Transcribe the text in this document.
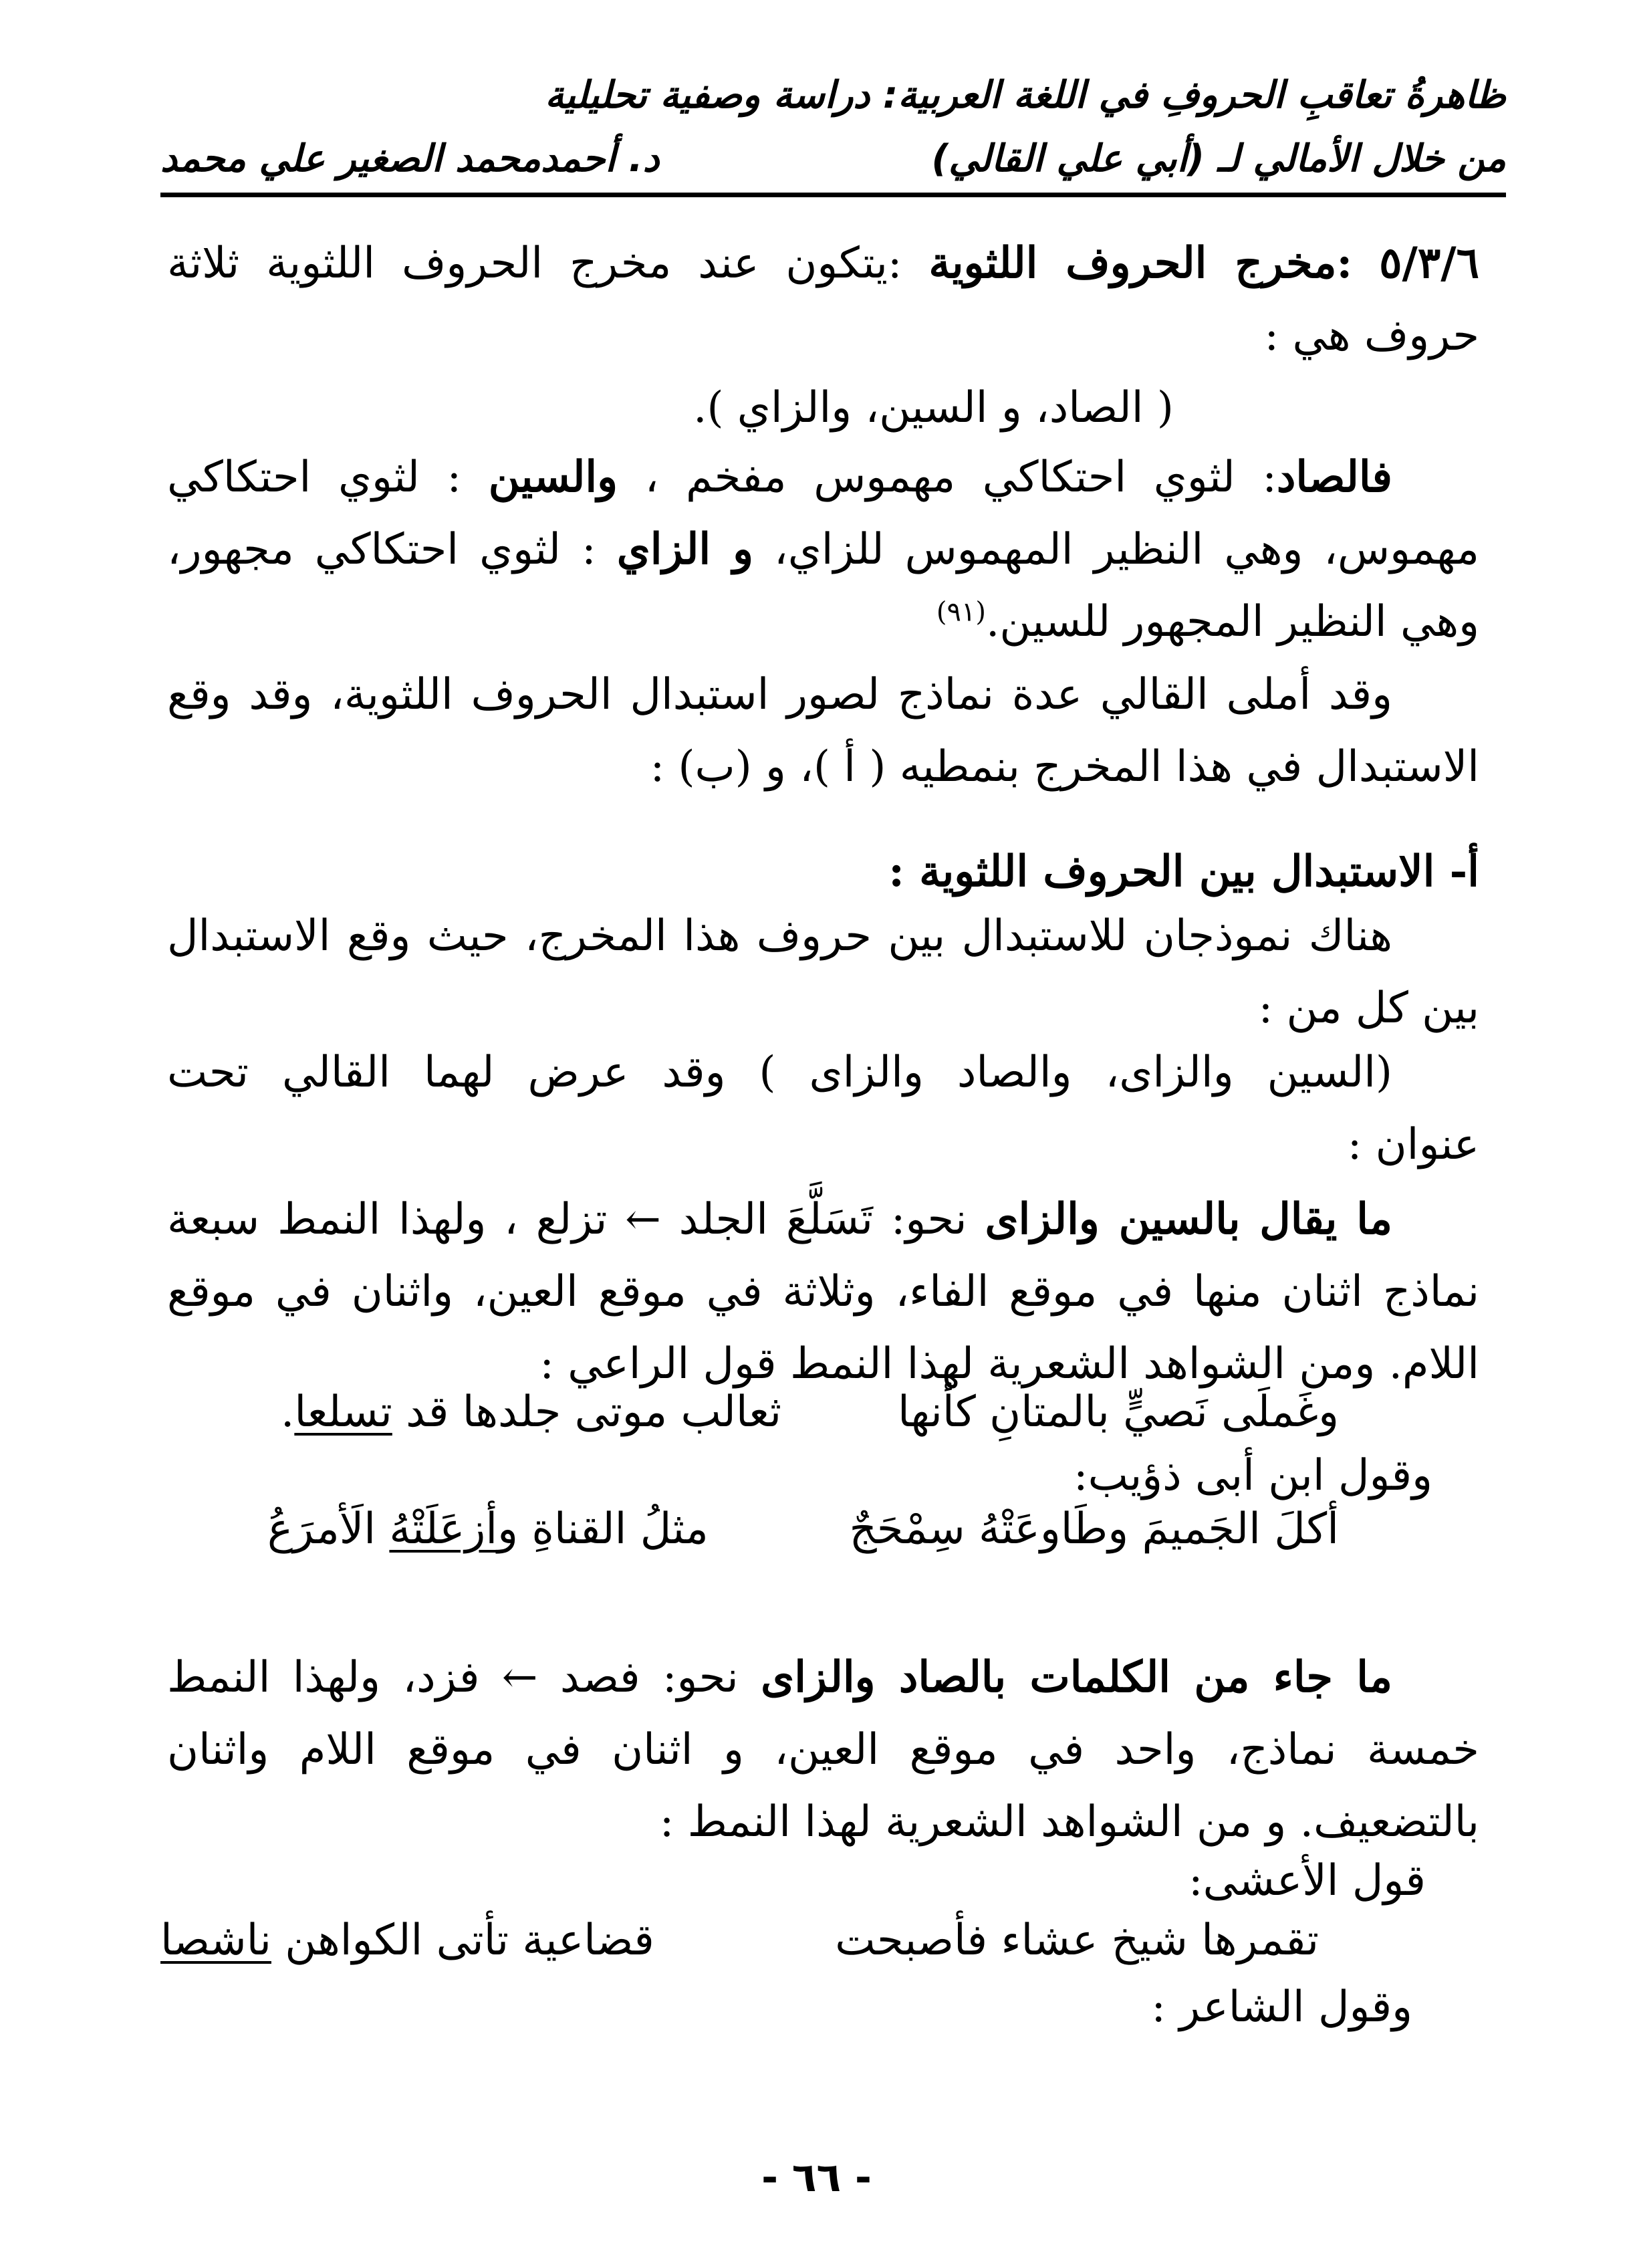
ظاهرةُ تعاقبِ الحروفِ في اللغة العربية: دراسة وصفية تحليلية
من خلال الأمالي لـ (أبي علي القالي)
د. أحمدمحمد الصغير علي محمد
٥/٣/٦ :مخرج الحروف اللثوية :يتكون عند مخرج الحروف اللثوية ثلاثة
حروف هي :
( الصاد، و السين، والزاي ).
فالصاد: لثوي احتكاكي مهموس مفخم ، والسين : لثوي احتكاكي
مهموس، وهي النظير المهموس للزاي، و الزاي : لثوي احتكاكي مجهور،
وهي النظير المجهور للسين.$^{(٩١)}$
وقد أملى القالي عدة نماذج لصور استبدال الحروف اللثوية، وقد وقع
الاستبدال في هذا المخرج بنمطيه ( أ )، و (ب) :
أ- الاستبدال بين الحروف اللثوية :
هناك نموذجان للاستبدال بين حروف هذا المخرج، حيث وقع الاستبدال
بين كل من :
(السين والزاى، والصاد والزاى ) وقد عرض لهما القالي تحت
عنوان :
ما يقال بالسين والزاى نحو: تَسَلَّعَ الجلد ← تزلع ، ولهذا النمط سبعة
نماذج اثنان منها في موقع الفاء، وثلاثة في موقع العين، واثنان في موقع
اللام. ومن الشواهد الشعرية لهذا النمط قول الراعي :
وغَملَى نَصيٍّ بالمتانِ كأنها
ثعالب موتى جلدها قد تسلعا.
وقول ابن أبى ذؤيب:
أكلَ الجَميمَ وطَاوعَتْهُ سِمْحَجٌ
مثلُ القناةِ وأزعَلَتْهُ الَأمرَعُ
ما جاء من الكلمات بالصاد والزاى نحو: فصد ← فزد، ولهذا النمط
خمسة نماذج، واحد في موقع العين، و اثنان في موقع اللام واثنان
بالتضعيف. و من الشواهد الشعرية لهذا النمط :
قول الأعشى:
تقمرها شيخ عشاء فأصبحت
قضاعية تأتى الكواهن ناشصا
وقول الشاعر :
- ٦٦ -
